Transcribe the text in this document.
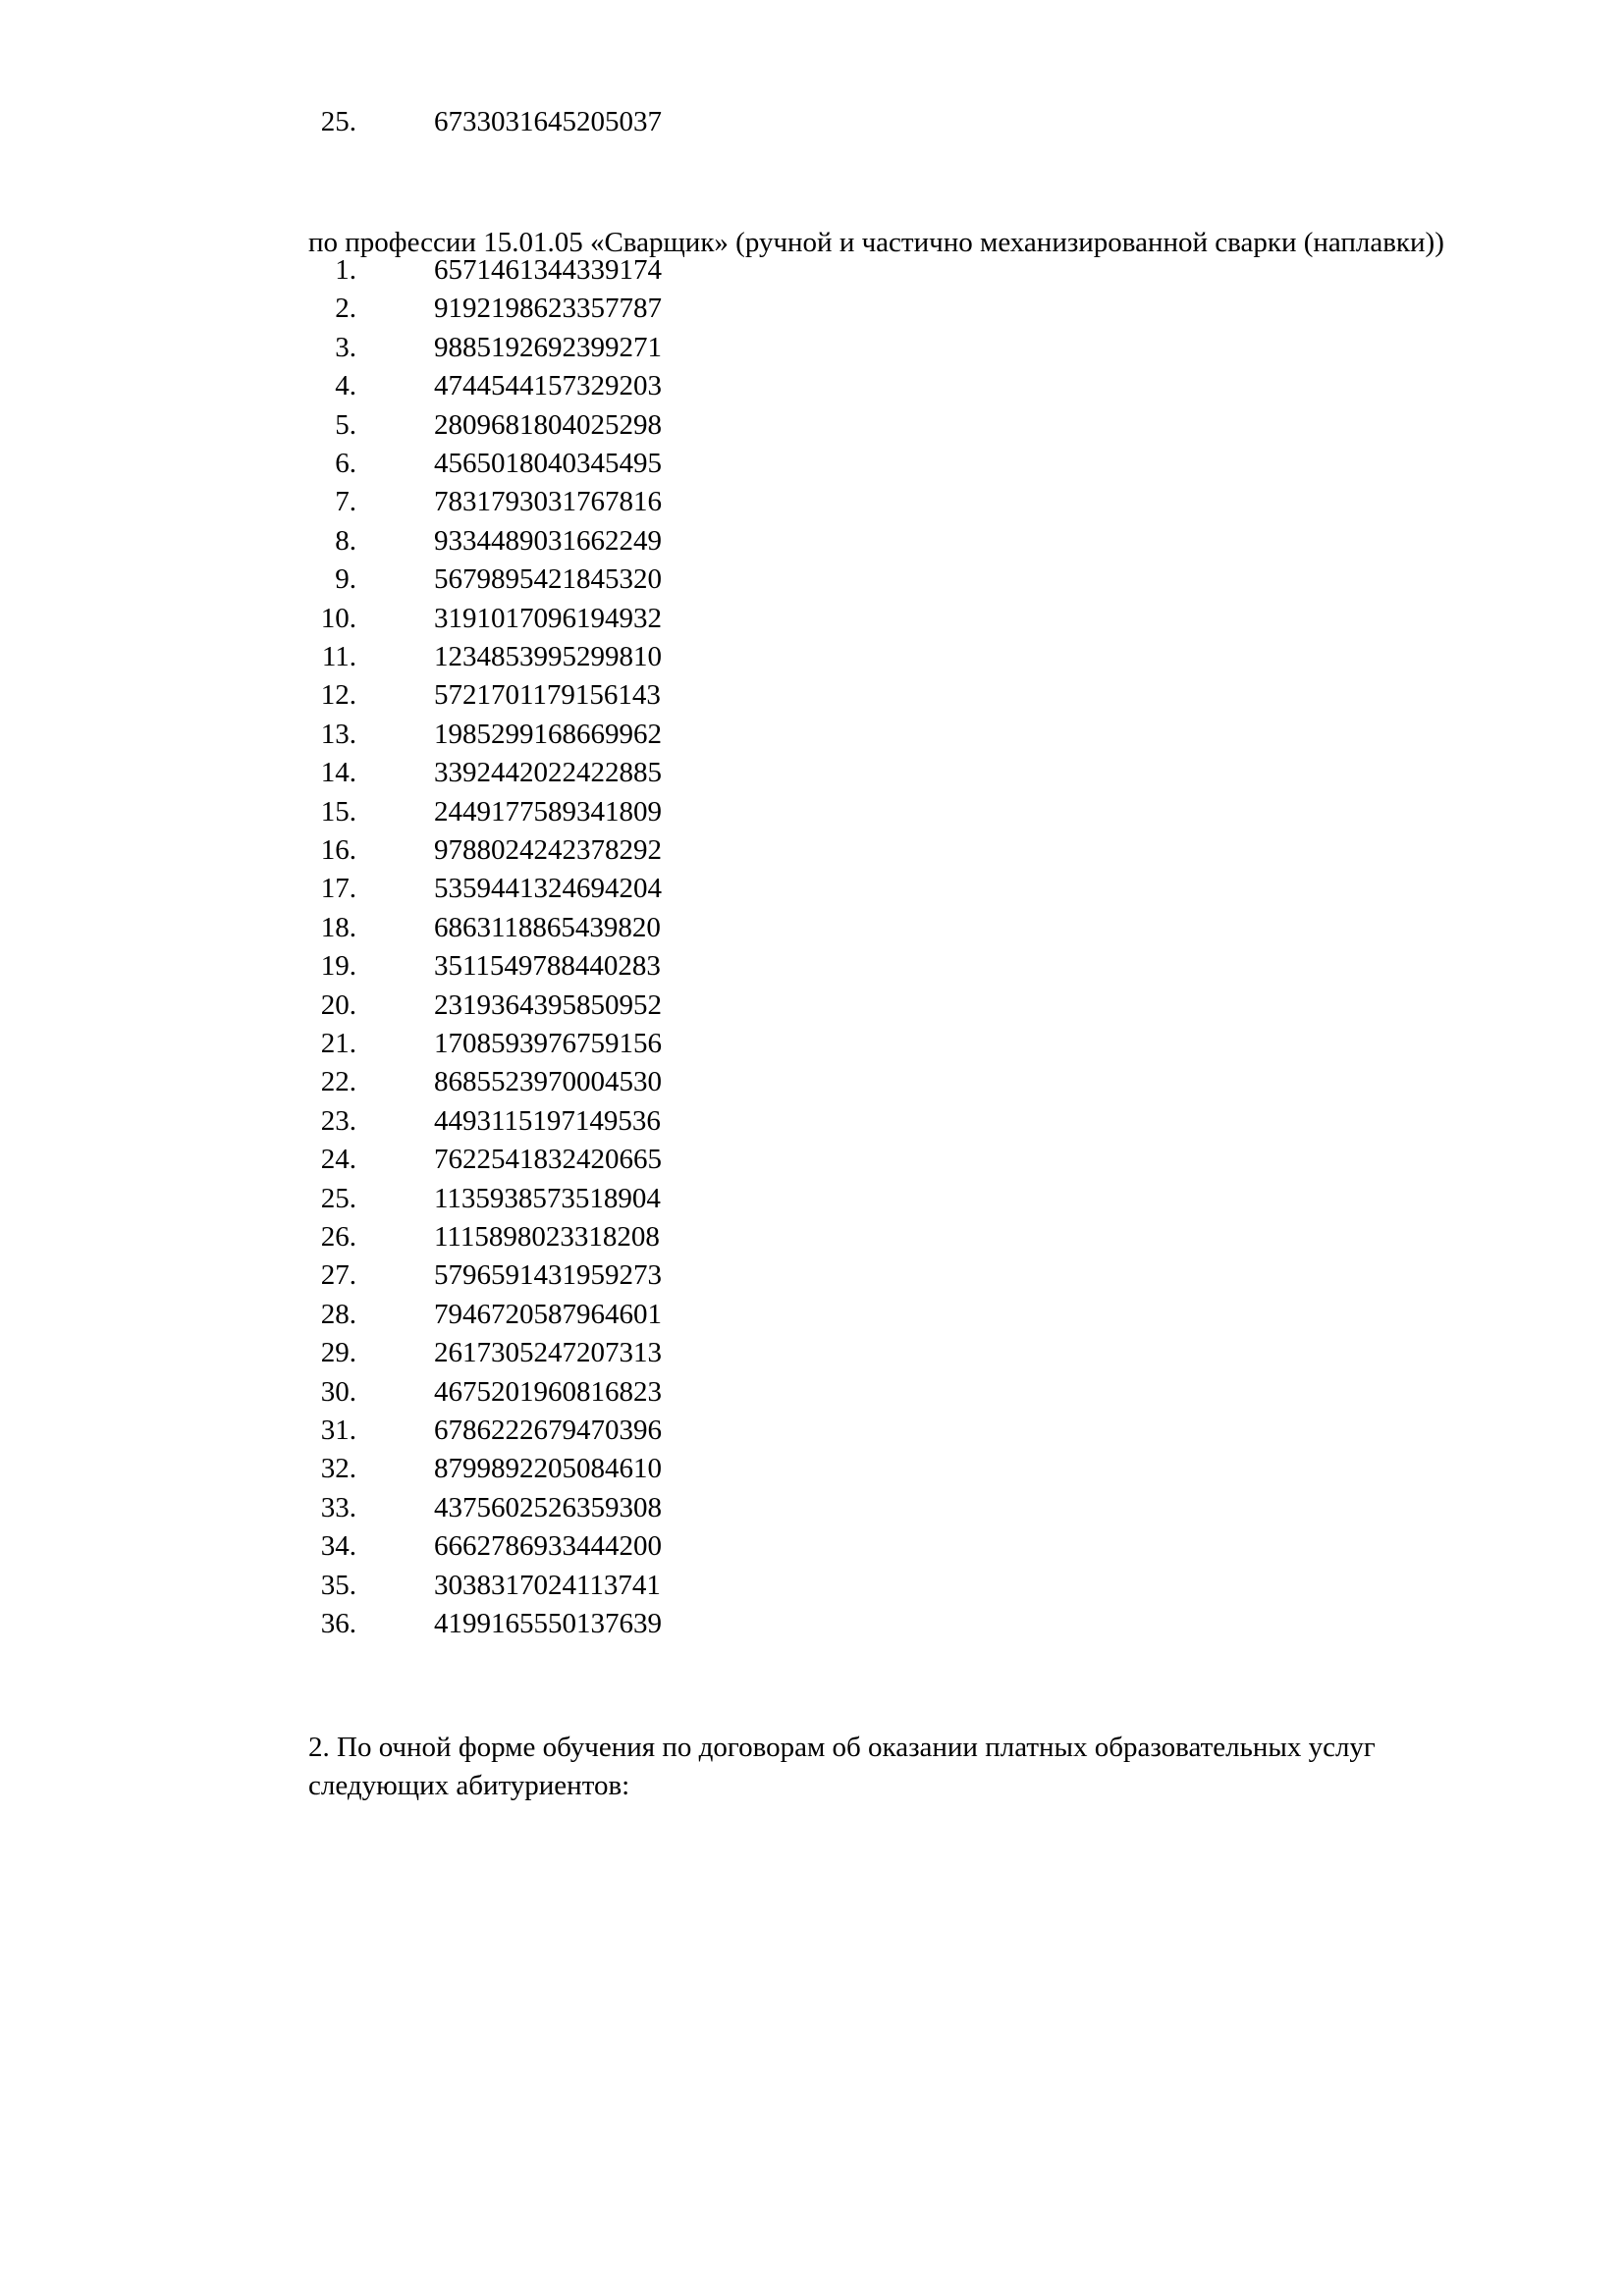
25.	6733031645205037
по профессии 15.01.05 «Сварщик» (ручной и частично механизированной сварки (наплавки))
1.	6571461344339174
2.	9192198623357787
3.	9885192692399271
4.	4744544157329203
5.	2809681804025298
6.	4565018040345495
7.	7831793031767816
8.	9334489031662249
9.	5679895421845320
10.	3191017096194932
11.	1234853995299810
12.	5721701179156143
13.	1985299168669962
14.	3392442022422885
15.	2449177589341809
16.	9788024242378292
17.	5359441324694204
18.	6863118865439820
19.	3511549788440283
20.	2319364395850952
21.	1708593976759156
22.	8685523970004530
23.	4493115197149536
24.	7622541832420665
25.	1135938573518904
26.	1115898023318208
27.	5796591431959273
28.	7946720587964601
29.	2617305247207313
30.	4675201960816823
31.	6786222679470396
32.	8799892205084610
33.	4375602526359308
34.	6662786933444200
35.	3038317024113741
36.	4199165550137639
2. По очной форме обучения по договорам об оказании платных образовательных услуг
следующих абитуриентов:
